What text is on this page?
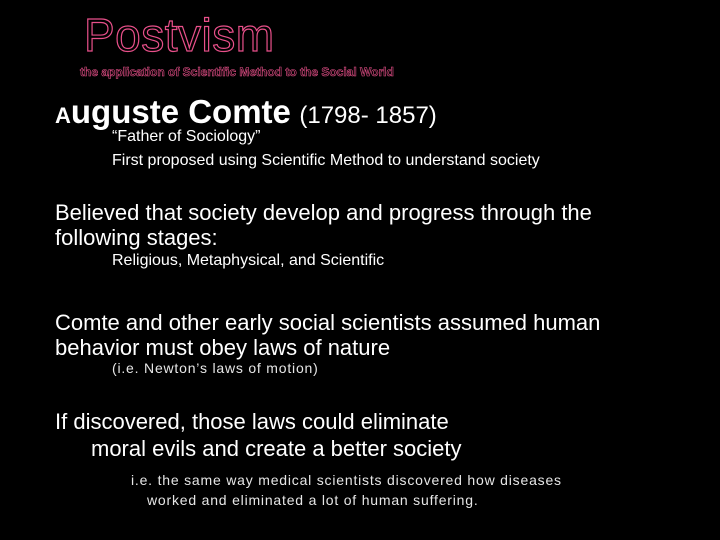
Postvism
the application of Scientific Method to the Social World
Auguste Comte (1798- 1857)
“Father of Sociology”
First proposed using Scientific Method to understand society
Believed that society develop and progress through the
following stages:
Religious, Metaphysical, and Scientific
Comte and other early social scientists assumed human
behavior must obey laws of nature
(i.e. Newton’s laws of motion)
If discovered, those laws could eliminate
moral evils and create a better society
i.e. the same way medical scientists discovered how diseases
worked and eliminated a lot of human suffering.
